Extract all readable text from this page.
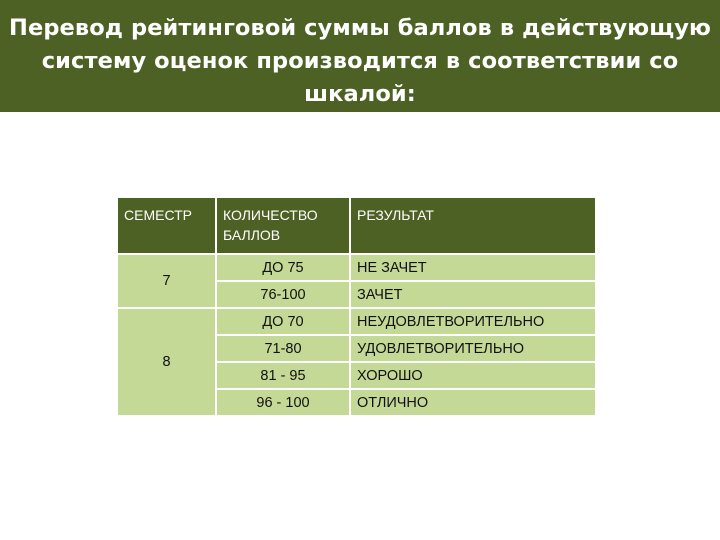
Перевод рейтинговой суммы баллов в действующую
систему оценок производится в соответствии со шкалой:
СЕМЕСТР	КОЛИЧЕСТВО БАЛЛОВ	РЕЗУЛЬТАТ
7	ДО 75	НЕ ЗАЧЕТ
	76-100	ЗАЧЕТ
8	ДО 70	НЕУДОВЛЕТВОРИТЕЛЬНО
	71-80	УДОВЛЕТВОРИТЕЛЬНО
	81 - 95	ХОРОШО
	96 - 100	ОТЛИЧНО
